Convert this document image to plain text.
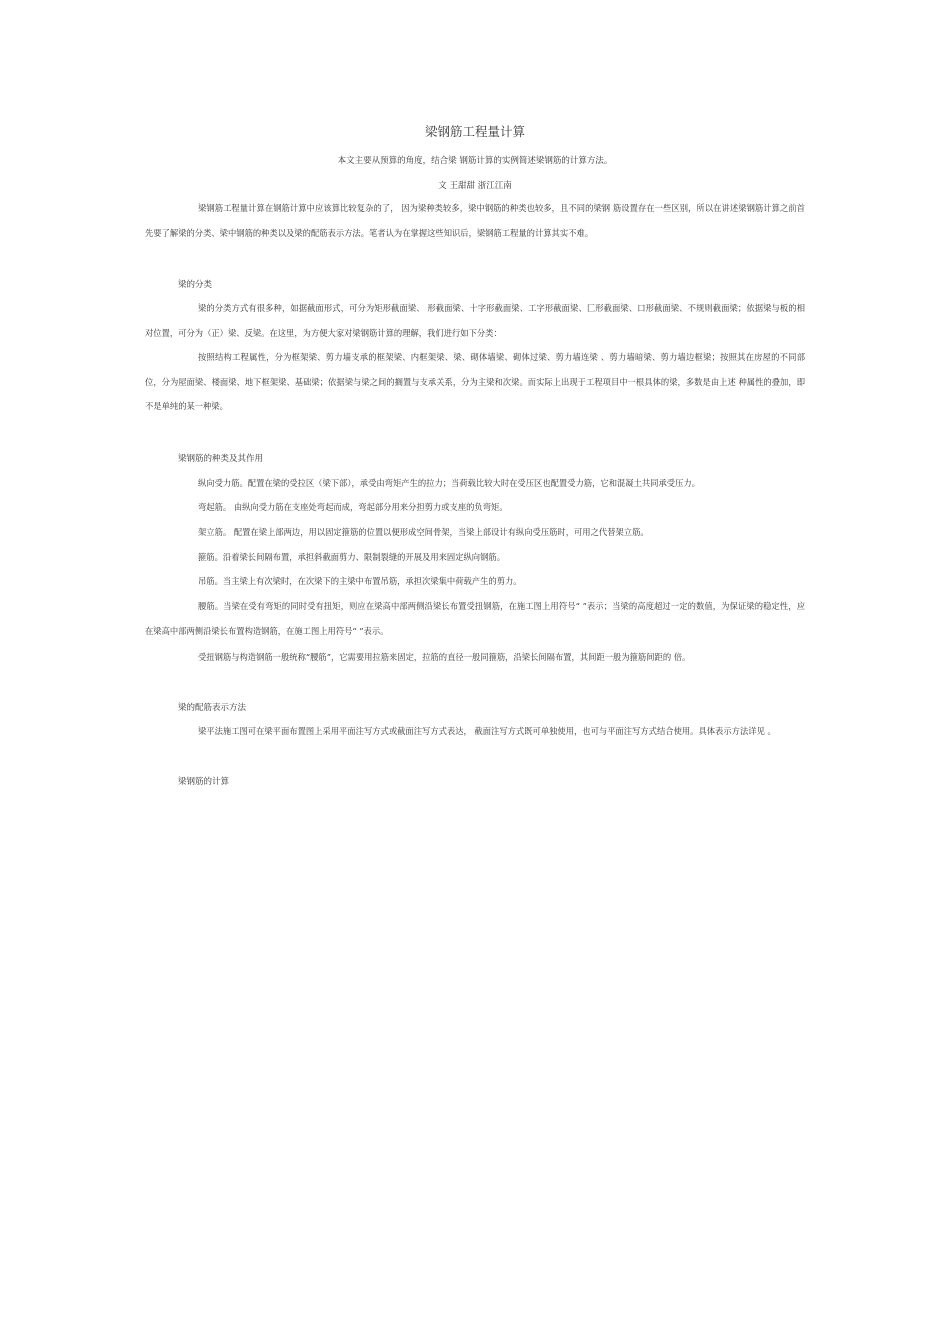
梁钢筋工程量计算
本文主要从预算的角度，结合梁 钢筋计算的实例简述梁钢筋的计算方法。
文 王甜甜 浙江江南
梁钢筋工程量计算在钢筋计算中应该算比较复杂的了， 因为梁种类较多，梁中钢筋的种类也较多，且不同的梁钢 筋设置存在一些区别，所以在讲述梁钢筋计算之前首先要了解梁的分类、梁中钢筋的种类以及梁的配筋表示方法。笔者认为在掌握这些知识后，梁钢筋工程量的计算其实不难。
梁的分类
梁的分类方式有很多种，如据截面形式，可分为矩形截面梁、 形截面梁、十字形截面梁、工字形截面梁、匚形截面梁、口形截面梁、不规则截面梁；依据梁与板的相对位置，可分为（正）梁、反梁。在这里，为方便大家对梁钢筋计算的理解，我们进行如下分类：
按照结构工程属性，分为框架梁、剪力墙支承的框架梁、内框架梁、梁、砌体墙梁、砌体过梁、剪力墙连梁 、剪力墙暗梁、剪力墙边框梁；按照其在房屋的不同部位，分为屋面梁、楼面梁、地下框架梁、基础梁；依据梁与梁之间的搁置与支承关系，分为主梁和次梁。而实际上出现于工程项目中一根具体的梁，多数是由上述 种属性的叠加，即不是单纯的某一种梁。
梁钢筋的种类及其作用
纵向受力筋。配置在梁的受拉区（梁下部），承受由弯矩产生的拉力；当荷载比较大时在受压区也配置受力筋，它和混凝土共同承受压力。
弯起筋。 由纵向受力筋在支座处弯起而成，弯起部分用来分担剪力或支座的负弯矩。
架立筋。 配置在梁上部两边，用以固定箍筋的位置以便形成空间骨架，当梁上部设计有纵向受压筋时，可用之代替架立筋。
箍筋。沿着梁长间隔布置，承担斜截面剪力、限制裂缝的开展及用来固定纵向钢筋。
吊筋。当主梁上有次梁时，在次梁下的主梁中布置吊筋，承担次梁集中荷载产生的剪力。
腰筋。当梁在受有弯矩的同时受有扭矩，则应在梁高中部两侧沿梁长布置受扭钢筋，在施工图上用符号“ ”表示；当梁的高度超过一定的数值，为保证梁的稳定性，应在梁高中部两侧沿梁长布置构造钢筋，在施工图上用符号“ ”表示。
受扭钢筋与构造钢筋一般统称“腰筋”，它需要用拉筋来固定，拉筋的直径一般同箍筋，沿梁长间隔布置，其间距一般为箍筋间距的 倍。
梁的配筋表示方法
梁平法施工图可在梁平面布置图上采用平面注写方式或截面注写方式表达， 截面注写方式既可单独使用，也可与平面注写方式结合使用。具体表示方法详见 。
梁钢筋的计算
